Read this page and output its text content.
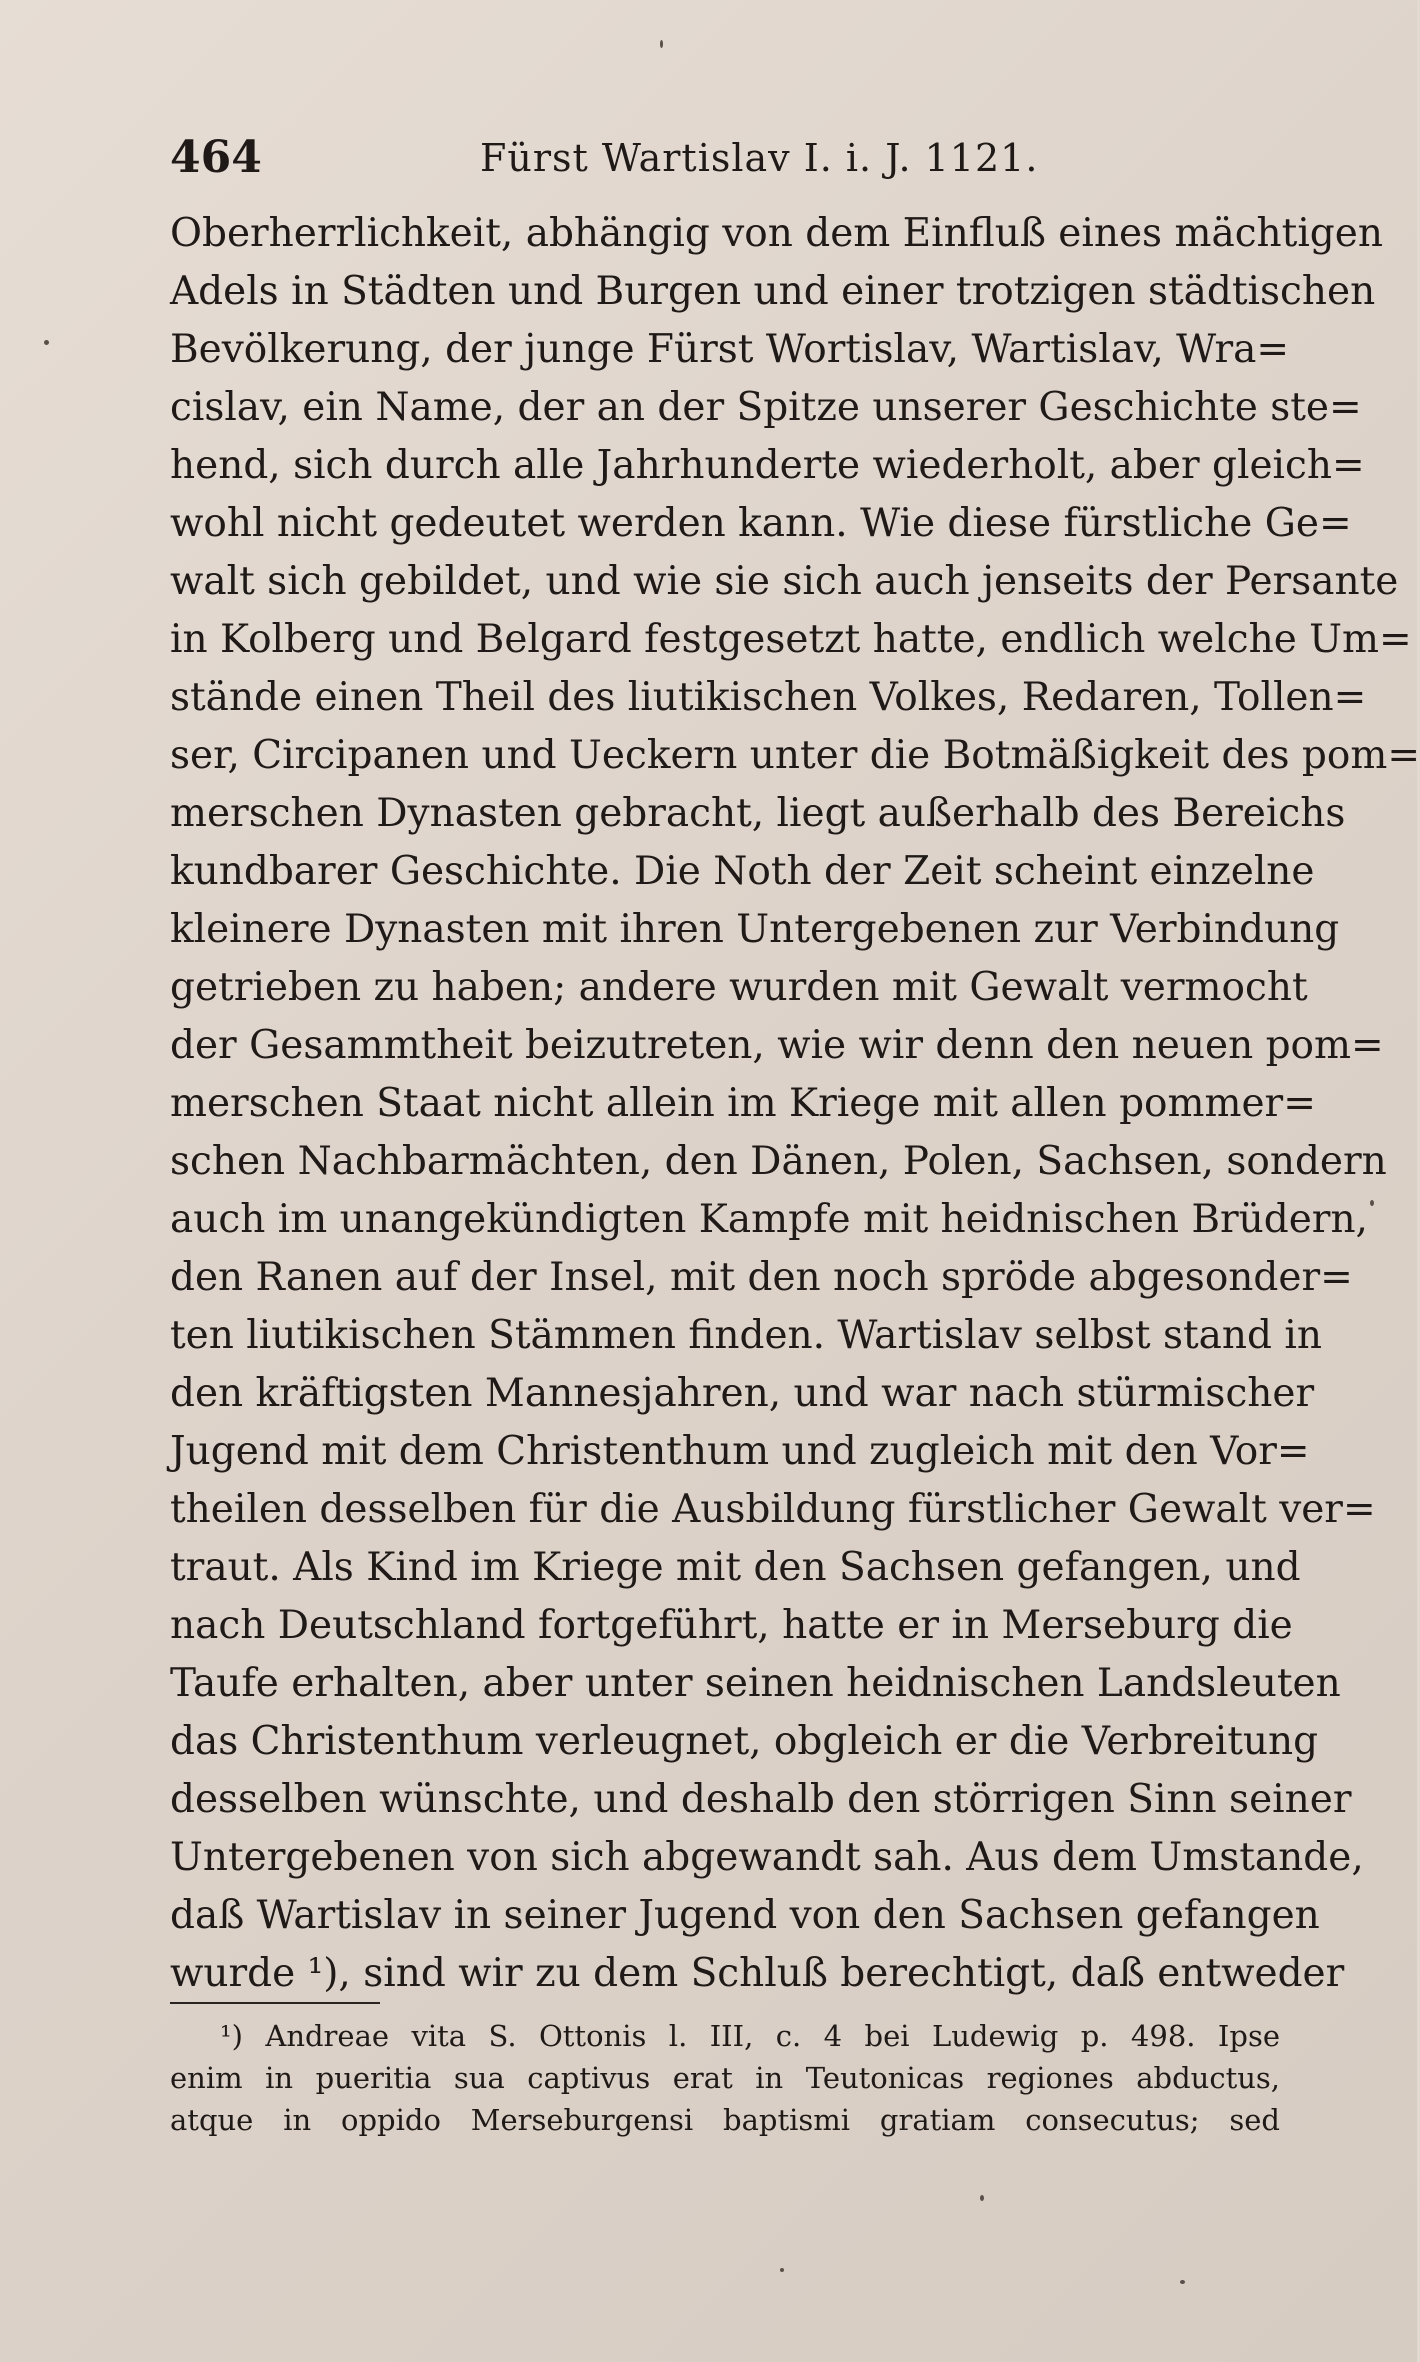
464	Fürst Wartislav I. i. J. 1121.
Oberherrlichkeit, abhängig von dem Einfluß eines mächtigen
Adels in Städten und Burgen und einer trotzigen städtischen
Bevölkerung, der junge Fürst Wortislav, Wartislav, Wra=
cislav, ein Name, der an der Spitze unserer Geschichte ste=
hend, sich durch alle Jahrhunderte wiederholt, aber gleich=
wohl nicht gedeutet werden kann. Wie diese fürstliche Ge=
walt sich gebildet, und wie sie sich auch jenseits der Persante
in Kolberg und Belgard festgesetzt hatte, endlich welche Um=
stände einen Theil des liutikischen Volkes, Redaren, Tollen=
ser, Circipanen und Ueckern unter die Botmäßigkeit des pom=
merschen Dynasten gebracht, liegt außerhalb des Bereichs
kundbarer Geschichte. Die Noth der Zeit scheint einzelne
kleinere Dynasten mit ihren Untergebenen zur Verbindung
getrieben zu haben; andere wurden mit Gewalt vermocht
der Gesammtheit beizutreten, wie wir denn den neuen pom=
merschen Staat nicht allein im Kriege mit allen pommer=
schen Nachbarmächten, den Dänen, Polen, Sachsen, sondern
auch im unangekündigten Kampfe mit heidnischen Brüdern,
den Ranen auf der Insel, mit den noch spröde abgesonder=
ten liutikischen Stämmen finden. Wartislav selbst stand in
den kräftigsten Mannesjahren, und war nach stürmischer
Jugend mit dem Christenthum und zugleich mit den Vor=
theilen desselben für die Ausbildung fürstlicher Gewalt ver=
traut. Als Kind im Kriege mit den Sachsen gefangen, und
nach Deutschland fortgeführt, hatte er in Merseburg die
Taufe erhalten, aber unter seinen heidnischen Landsleuten
das Christenthum verleugnet, obgleich er die Verbreitung
desselben wünschte, und deshalb den störrigen Sinn seiner
Untergebenen von sich abgewandt sah. Aus dem Umstande,
daß Wartislav in seiner Jugend von den Sachsen gefangen
wurde ¹), sind wir zu dem Schluß berechtigt, daß entweder
¹) Andreae vita S. Ottonis l. III, c. 4 bei Ludewig p. 498. Ipse
enim in pueritia sua captivus erat in Teutonicas regiones abductus,
atque in oppido Merseburgensi baptismi gratiam consecutus; sed
